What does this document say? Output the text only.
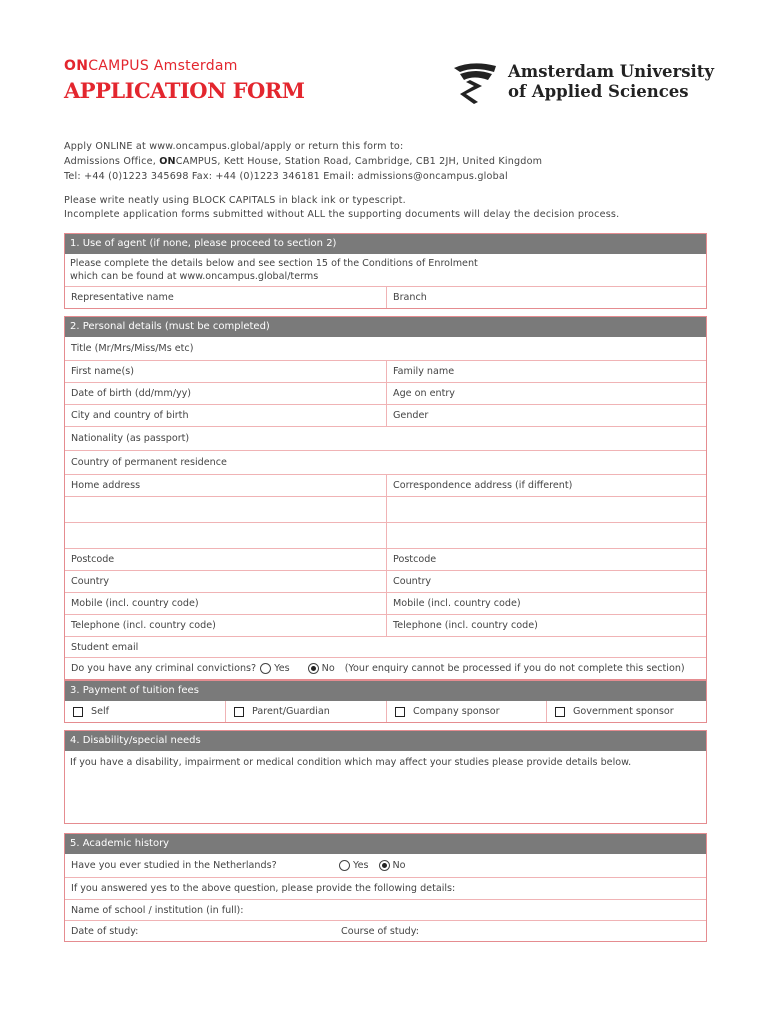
ONCAMPUS Amsterdam
APPLICATION FORM
Amsterdam University
of Applied Sciences
Apply ONLINE at www.oncampus.global/apply or return this form to:
Admissions Office, ONCAMPUS, Kett House, Station Road, Cambridge, CB1 2JH, United Kingdom
Tel: +44 (0)1223 345698 Fax: +44 (0)1223 346181 Email: admissions@oncampus.global
Please write neatly using BLOCK CAPITALS in black ink or typescript.
Incomplete application forms submitted without ALL the supporting documents will delay the decision process.
1. Use of agent (if none, please proceed to section 2)
Please complete the details below and see section 15 of the Conditions of Enrolment
which can be found at www.oncampus.global/terms
Representative name	Branch
2. Personal details (must be completed)
Title (Mr/Mrs/Miss/Ms etc)
First name(s)	Family name
Date of birth (dd/mm/yy)	Age on entry
City and country of birth	Gender
Nationality (as passport)
Country of permanent residence
Home address	Correspondence address (if different)
Postcode	Postcode
Country	Country
Mobile (incl. country code)	Mobile (incl. country code)
Telephone (incl. country code)	Telephone (incl. country code)
Student email
Do you have any criminal convictions? Yes	No (Your enquiry cannot be processed if you do not complete this section)
3. Payment of tuition fees
Self	Parent/Guardian	Company sponsor	Government sponsor
4. Disability/special needs
If you have a disability, impairment or medical condition which may affect your studies please provide details below.
5. Academic history
Have you ever studied in the Netherlands?	Yes	No
If you answered yes to the above question, please provide the following details:
Name of school / institution (in full):
Date of study:	Course of study:
